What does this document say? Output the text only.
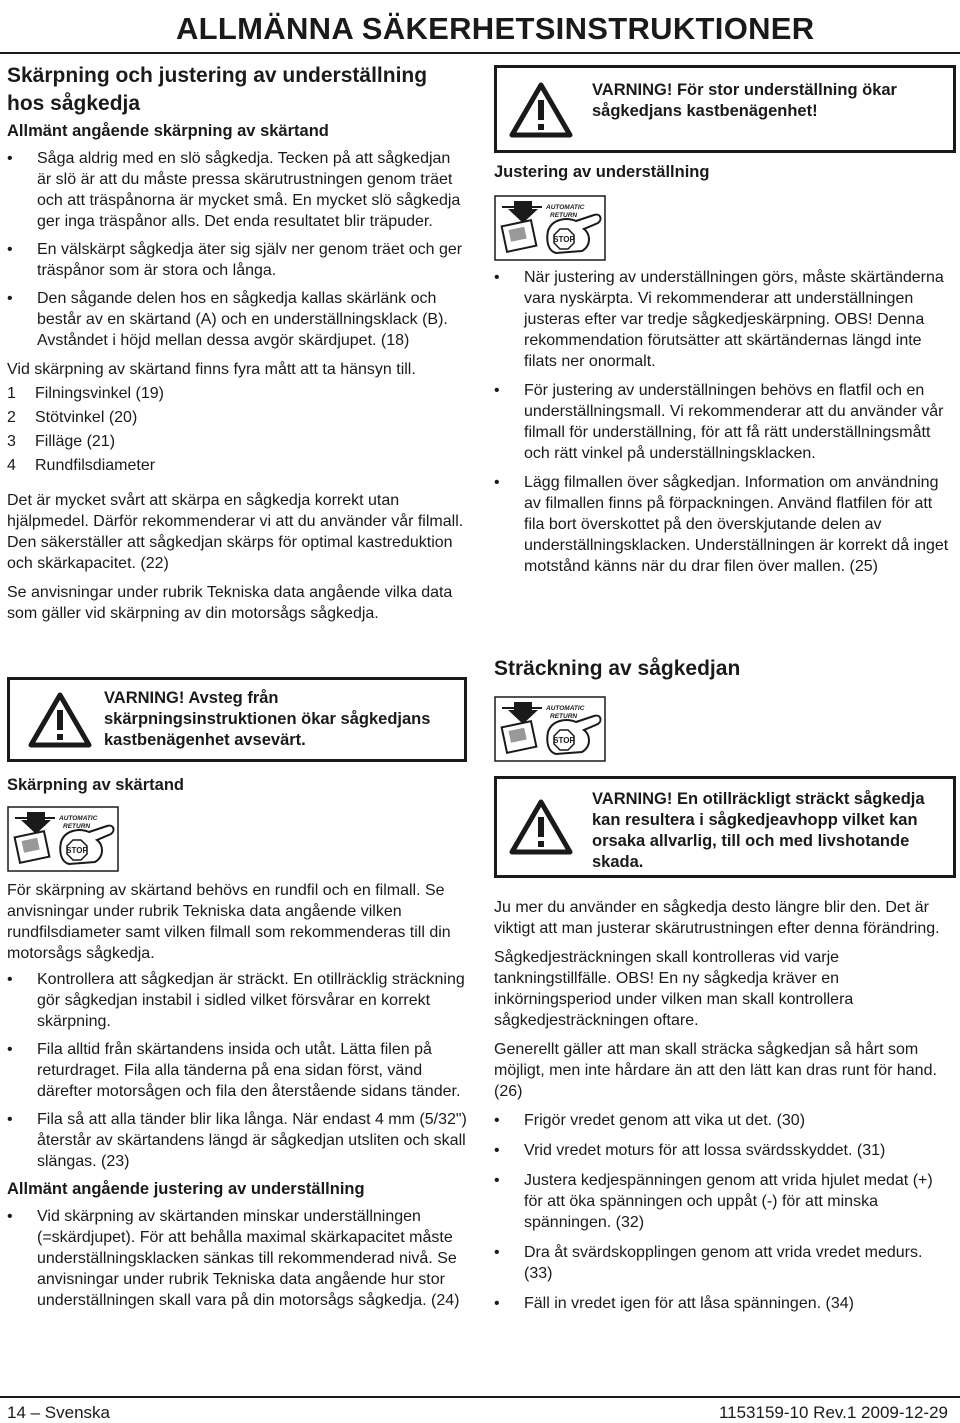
ALLMÄNNA SÄKERHETSINSTRUKTIONER
Skärpning och justering av underställning hos sågkedja
Allmänt angående skärpning av skärtand
• Såga aldrig med en slö sågkedja. Tecken på att sågkedjan är slö är att du måste pressa skärutrustningen genom träet och att träspånorna är mycket små. En mycket slö sågkedja ger inga träspånor alls. Det enda resultatet blir träpuder.
• En välskärpt sågkedja äter sig själv ner genom träet och ger träspånor som är stora och långa.
• Den sågande delen hos en sågkedja kallas skärlänk och består av en skärtand (A) och en underställningsklack (B). Avståndet i höjd mellan dessa avgör skärdjupet. (18)

Vid skärpning av skärtand finns fyra mått att ta hänsyn till.

1 Filningsvinkel (19)
2 Stötvinkel (20)
3 Filläge (21)
4 Rundfilsdiameter

Det är mycket svårt att skärpa en sågkedja korrekt utan hjälpmedel. Därför rekommenderar vi att du använder vår filmall. Den säkerställer att sågkedjan skärps för optimal kastreduktion och skärkapacitet. (22)

Se anvisningar under rubrik Tekniska data angående vilka data som gäller vid skärpning av din motorsågs sågkedja.

VARNING! Avsteg från skärpningsinstruktionen ökar sågkedjans kastbenägenhet avsevärt.
Skärpning av skärtand
STOP
AUTOMATIC
RETURN

För skärpning av skärtand behövs en rundfil och en filmall. Se anvisningar under rubrik Tekniska data angående vilken rundfilsdiameter samt vilken filmall som rekommenderas till din motorsågs sågkedja.

• Kontrollera att sågkedjan är sträckt. En otillräcklig sträckning gör sågkedjan instabil i sidled vilket försvårar en korrekt skärpning.
• Fila alltid från skärtandens insida och utåt. Lätta filen på returdraget. Fila alla tänderna på ena sidan först, vänd därefter motorsågen och fila den återstående sidans tänder.
• Fila så att alla tänder blir lika långa. När endast 4 mm (5/32") återstår av skärtandens längd är sågkedjan utsliten och skall slängas. (23)
Allmänt angående justering av underställning
• Vid skärpning av skärtanden minskar underställningen (=skärdjupet). För att behålla maximal skärkapacitet måste underställningsklacken sänkas till rekommenderad nivå. Se anvisningar under rubrik Tekniska data angående hur stor underställningen skall vara på din motorsågs sågkedja. (24)
VARNING! För stor underställning ökar sågkedjans kastbenägenhet!
Justering av underställning
STOP
AUTOMATIC
RETURN
• När justering av underställningen görs, måste skärtänderna vara nyskärpta. Vi rekommenderar att underställningen justeras efter var tredje sågkedjeskärpning. OBS! Denna rekommendation förutsätter att skärtändernas längd inte filats ner onormalt.
• För justering av underställningen behövs en flatfil och en underställningsmall. Vi rekommenderar att du använder vår filmall för underställning, för att få rätt underställningsmått och rätt vinkel på underställningsklacken.
• Lägg filmallen över sågkedjan. Information om användning av filmallen finns på förpackningen. Använd flatfilen för att fila bort överskottet på den överskjutande delen av underställningsklacken. Underställningen är korrekt då inget motstånd känns när du drar filen över mallen. (25)
Sträckning av sågkedjan
STOP
AUTOMATIC
RETURN
VARNING! En otillräckligt sträckt sågkedja kan resultera i sågkedjeavhopp vilket kan orsaka allvarlig, till och med livshotande skada.

Ju mer du använder en sågkedja desto längre blir den. Det är viktigt att man justerar skärutrustningen efter denna förändring.

Sågkedjesträckningen skall kontrolleras vid varje tankningstillfälle. OBS! En ny sågkedja kräver en inkörningsperiod under vilken man skall kontrollera sågkedjesträckningen oftare.

Generellt gäller att man skall sträcka sågkedjan så hårt som möjligt, men inte hårdare än att den lätt kan dras runt för hand. (26)

• Frigör vredet genom att vika ut det. (30)
• Vrid vredet moturs för att lossa svärdsskyddet. (31)
• Justera kedjespänningen genom att vrida hjulet medat (+) för att öka spänningen och uppåt (-) för att minska spänningen. (32)
• Dra åt svärdskopplingen genom att vrida vredet medurs. (33)
• Fäll in vredet igen för att låsa spänningen. (34)
14 – Svenska	1153159-10 Rev.1 2009-12-29
